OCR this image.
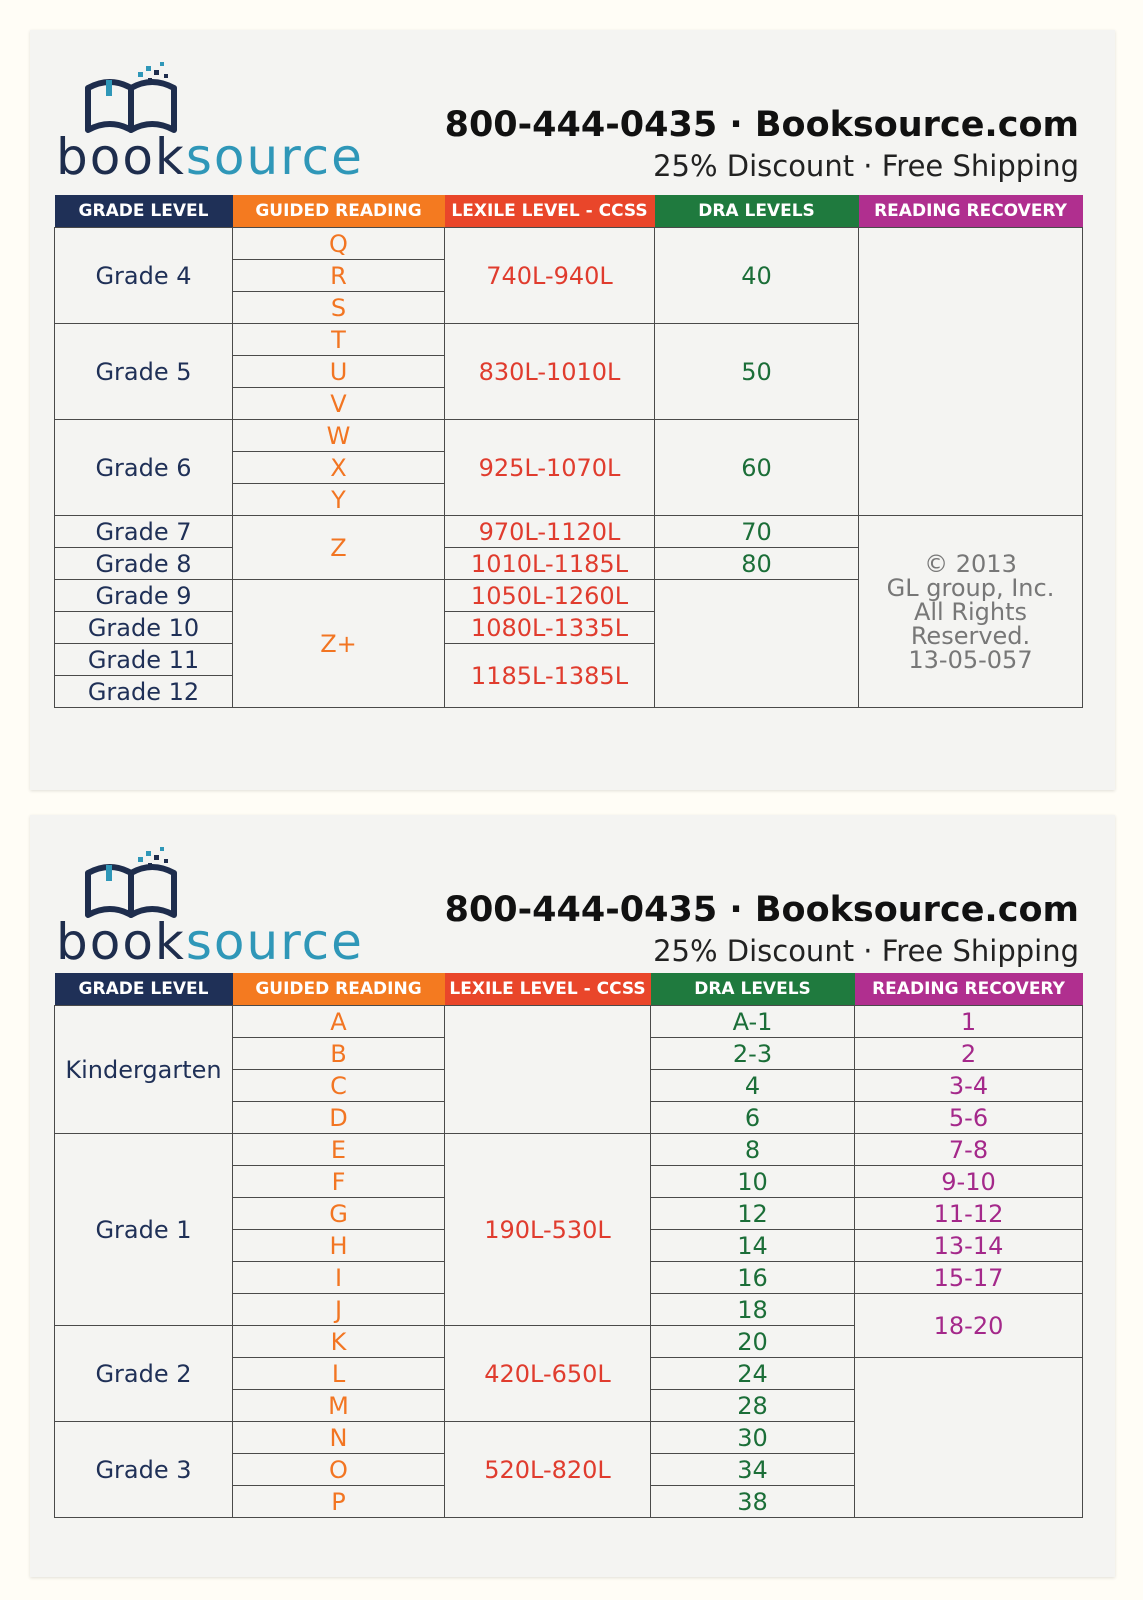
booksource
800-444-0435 · Booksource.com
25% Discount · Free Shipping
GRADE LEVEL	GUIDED READING	LEXILE LEVEL - CCSS	DRA LEVELS	READING RECOVERY
Grade 4	Q	740L-940L	40	
	R			
	S			
Grade 5	T	830L-1010L	50	
	U			
	V			
Grade 6	W	925L-1070L	60	
	X			
	Y			
Grade 7	Z	970L-1120L	70	© 2013
GL group, Inc.
All Rights
Reserved.
13-05-057

Grade 8		1010L-1185L	80	
Grade 9	Z+	1050L-1260L		
Grade 10		1080L-1335L		
Grade 11		1185L-1385L		
Grade 12				
booksource
800-444-0435 · Booksource.com
25% Discount · Free Shipping
GRADE LEVEL	GUIDED READING	LEXILE LEVEL - CCSS	DRA LEVELS	READING RECOVERY
Kindergarten	A		A-1	1
	B		2-3	2
	C		4	3-4
	D		6	5-6
Grade 1	E	190L-530L	8	7-8
	F		10	9-10
	G		12	11-12
	H		14	13-14
	I		16	15-17
	J		18	18-20
Grade 2	K	420L-650L	20	
	L		24	
	M		28	
Grade 3	N	520L-820L	30	
	O		34	
	P		38	
